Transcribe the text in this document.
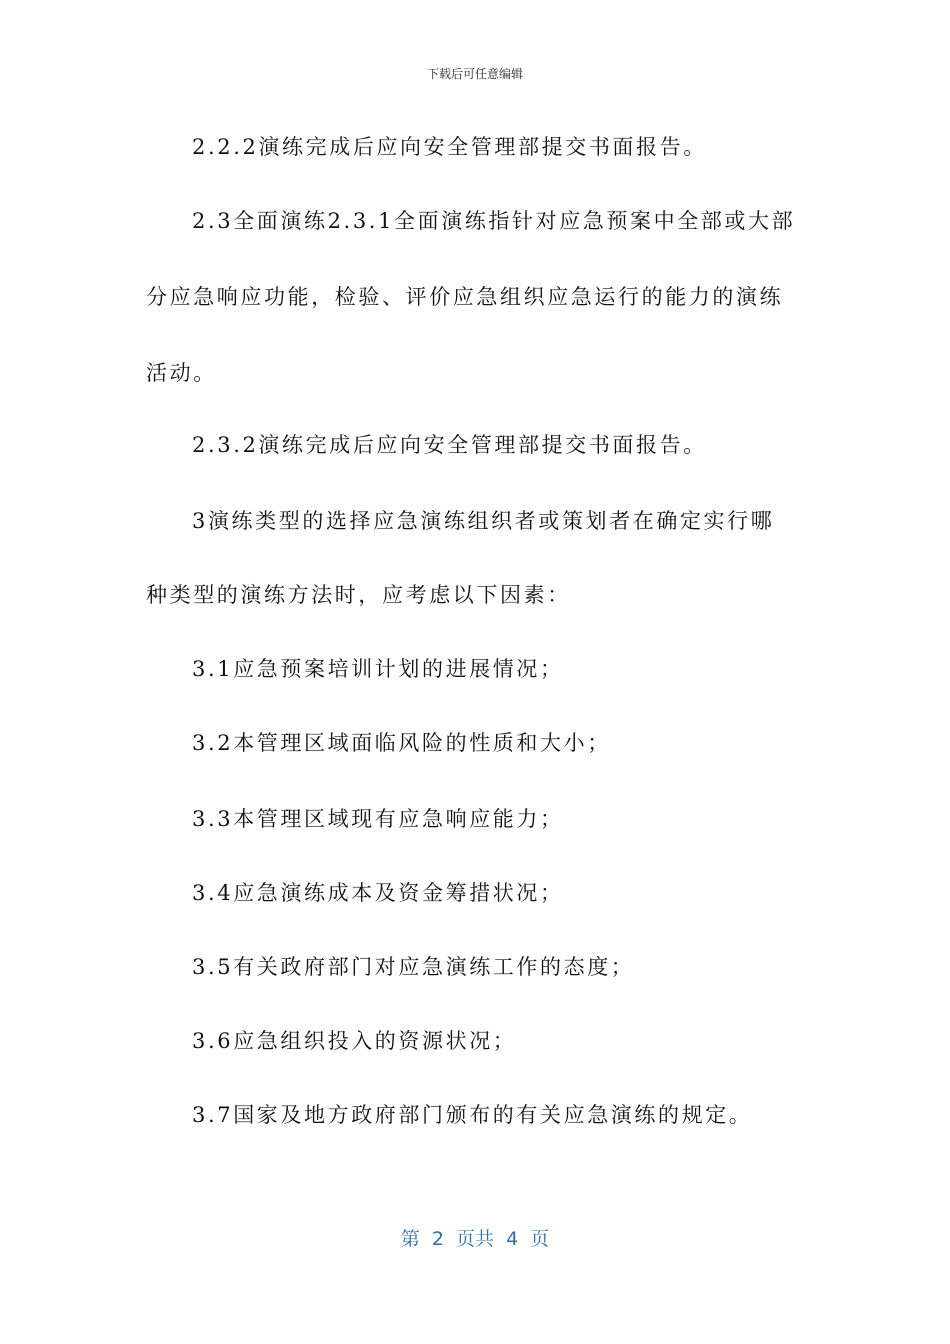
下载后可任意编辑
2.2.2演练完成后应向安全管理部提交书面报告。
2.3全面演练2.3.1全面演练指针对应急预案中全部或大部
分应急响应功能，检验、评价应急组织应急运行的能力的演练
活动。
2.3.2演练完成后应向安全管理部提交书面报告。
3演练类型的选择应急演练组织者或策划者在确定实行哪
种类型的演练方法时，应考虑以下因素：
3.1应急预案培训计划的进展情况；
3.2本管理区域面临风险的性质和大小；
3.3本管理区域现有应急响应能力；
3.4应急演练成本及资金筹措状况；
3.5有关政府部门对应急演练工作的态度；
3.6应急组织投入的资源状况；
3.7国家及地方政府部门颁布的有关应急演练的规定。
第  2  页共  4  页
